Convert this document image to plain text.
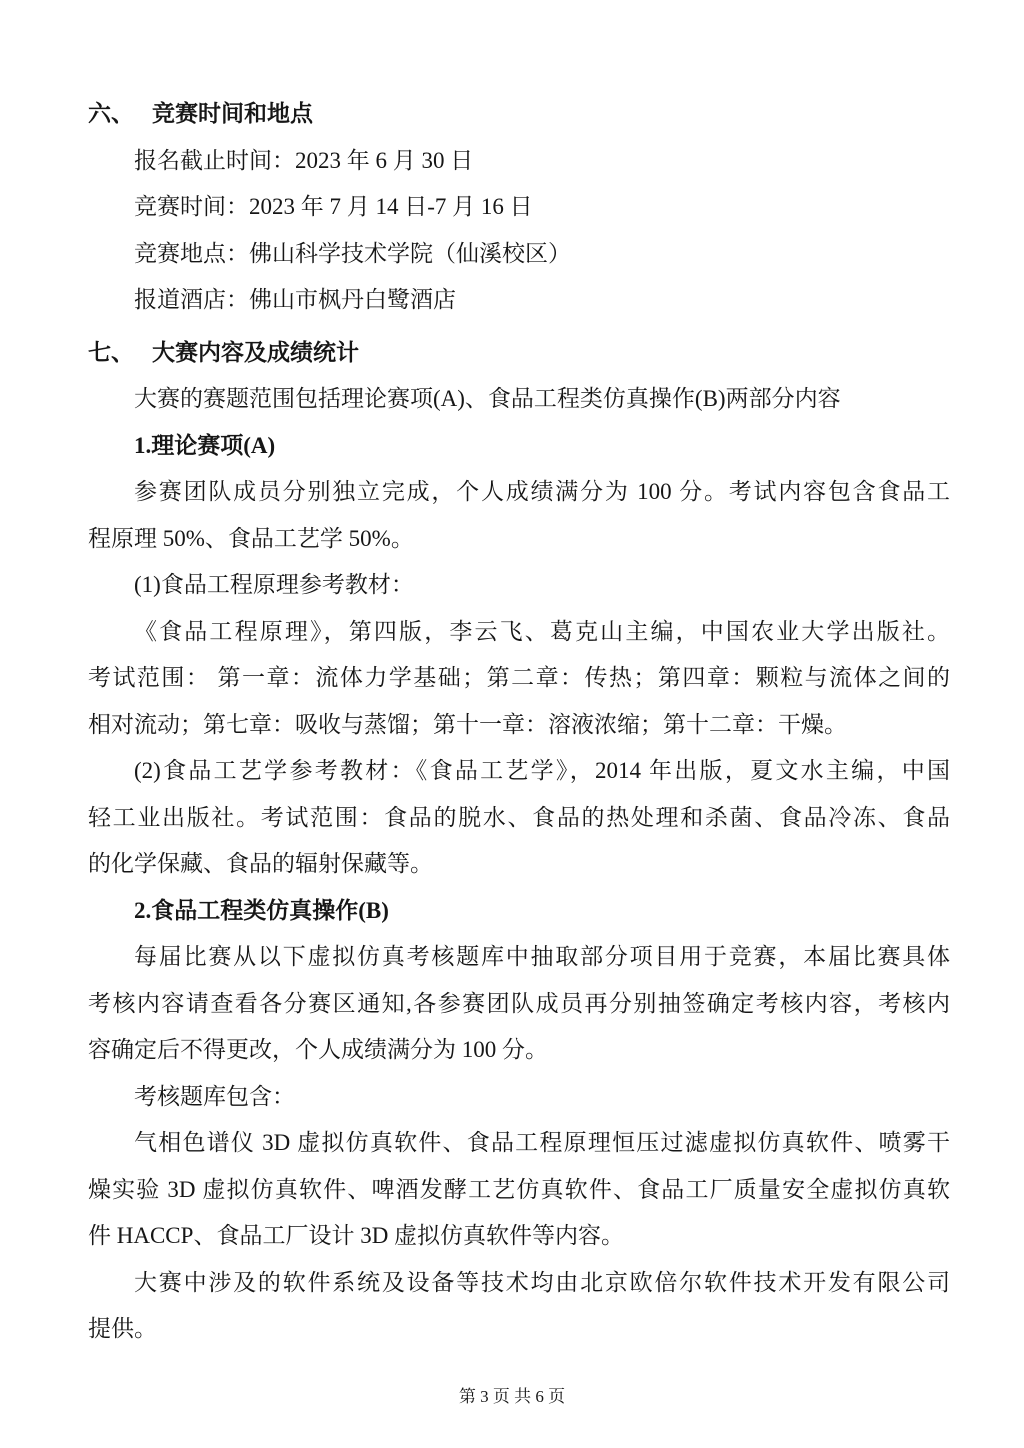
六、 竞赛时间和地点
报名截止时间：2023 年 6 月 30 日
竞赛时间：2023 年 7 月 14 日-7 月 16 日
竞赛地点：佛山科学技术学院（仙溪校区）
报道酒店：佛山市枫丹白鹭酒店
七、 大赛内容及成绩统计
大赛的赛题范围包括理论赛项(A)、食品工程类仿真操作(B)两部分内容
1.理论赛项(A)
参赛团队成员分别独立完成，个人成绩满分为 100 分。考试内容包含食品工
程原理 50%、食品工艺学 50%。
(1)食品工程原理参考教材：
《食品工程原理》，第四版，李云飞、葛克山主编，中国农业大学出版社。
考试范围： 第一章：流体力学基础；第二章：传热；第四章：颗粒与流体之间的
相对流动；第七章：吸收与蒸馏；第十一章：溶液浓缩；第十二章：干燥。
(2)食品工艺学参考教材：《食品工艺学》，2014 年出版，夏文水主编，中国
轻工业出版社。考试范围：食品的脱水、食品的热处理和杀菌、食品冷冻、食品
的化学保藏、食品的辐射保藏等。
2.食品工程类仿真操作(B)
每届比赛从以下虚拟仿真考核题库中抽取部分项目用于竞赛，本届比赛具体
考核内容请查看各分赛区通知,各参赛团队成员再分别抽签确定考核内容，考核内
容确定后不得更改，个人成绩满分为 100 分。
考核题库包含：
气相色谱仪 3D 虚拟仿真软件、食品工程原理恒压过滤虚拟仿真软件、喷雾干
燥实验 3D 虚拟仿真软件、啤酒发酵工艺仿真软件、食品工厂质量安全虚拟仿真软
件 HACCP、食品工厂设计 3D 虚拟仿真软件等内容。
大赛中涉及的软件系统及设备等技术均由北京欧倍尔软件技术开发有限公司
提供。
第 3 页 共 6 页
